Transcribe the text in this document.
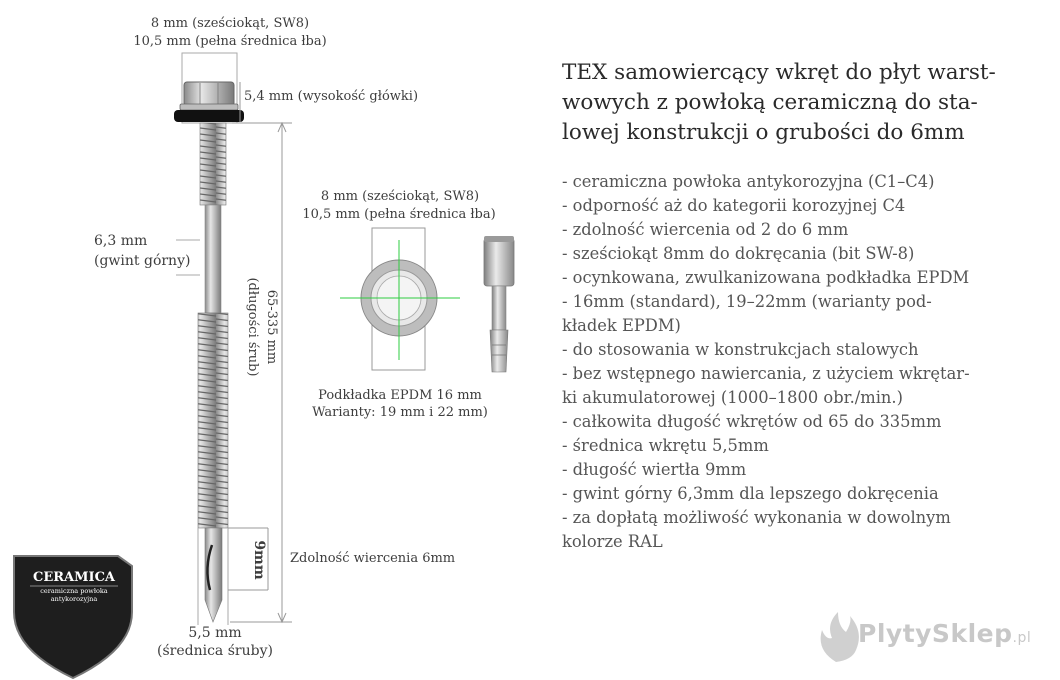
8 mm (sześciokąt, SW8)
10,5 mm (pełna średnica łba)
5,4 mm (wysokość główki)
6,3 mm
(gwint górny)
65-335 mm
(długości śrub)
9mm Zdolność wiercenia 6mm
5,5 mm
(średnica śruby)
8 mm (sześciokąt, SW8)
10,5 mm (pełna średnica łba)
Podkładka EPDM 16 mm
Warianty: 19 mm i 22 mm)
TEX samowiercący wkręt do płyt warst-
wowych z powłoką ceramiczną do sta-
lowej konstrukcji o grubości do 6mm
- ceramiczna powłoka antykorozyjna (C1–C4)
- odporność aż do kategorii korozyjnej C4
- zdolność wiercenia od 2 do 6 mm
- sześciokąt 8mm do dokręcania (bit SW-8)
- ocynkowana, zwulkanizowana podkładka EPDM
- 16mm (standard), 19–22mm (warianty pod-
kładek EPDM)
- do stosowania w konstrukcjach stalowych
- bez wstępnego nawiercania, z użyciem wkrętar-
ki akumulatorowej (1000–1800 obr./min.)
- całkowita długość wkrętów od 65 do 335mm
- średnica wkrętu 5,5mm
- długość wiertła 9mm
- gwint górny 6,3mm dla lepszego dokręcenia
- za dopłatą możliwość wykonania w dowolnym
kolorze RAL
CERAMICA
ceramiczna powłoka antykorozyjna
PlytySklep.pl
